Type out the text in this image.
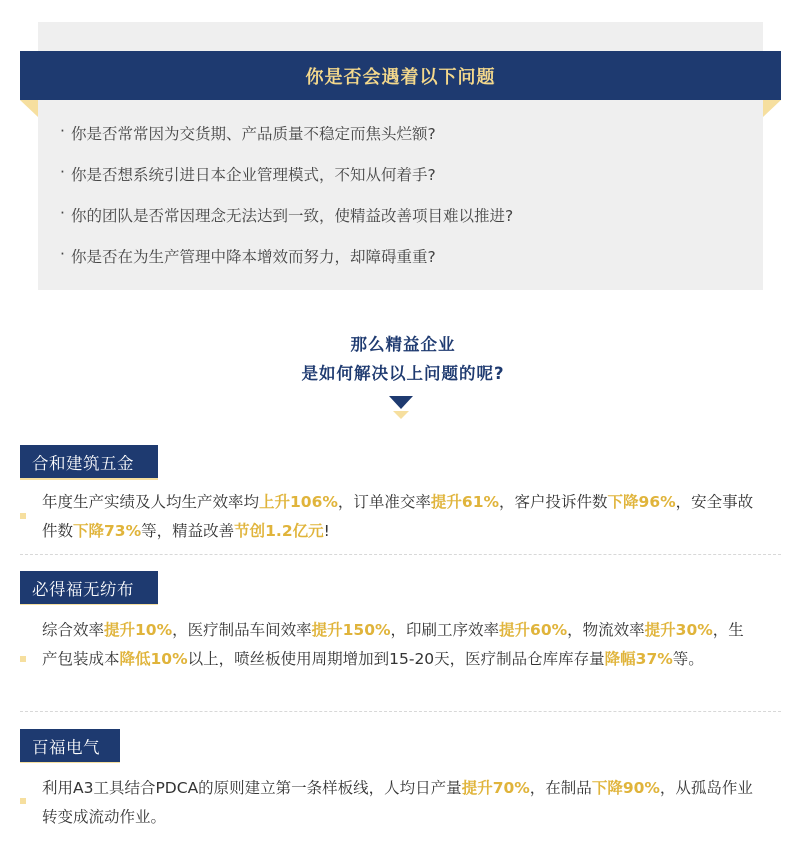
你是否会遇着以下问题
· 你是否常常因为交货期、产品质量不稳定而焦头烂额?
· 你是否想系统引进日本企业管理模式，不知从何着手?
· 你的团队是否常因理念无法达到一致，使精益改善项目难以推进?
· 你是否在为生产管理中降本增效而努力，却障碍重重?
那么精益企业
是如何解决以上问题的呢?
合和建筑五金

年度生产实绩及人均生产效率均上升106%，订单准交率提升61%，客户投诉件数下降96%，安全事故件数下降73%等，精益改善节创1.2亿元!

必得福无纺布

综合效率提升10%，医疗制品车间效率提升150%，印刷工序效率提升60%，物流效率提升30%，生产包装成本降低10%以上，喷丝板使用周期增加到15-20天，医疗制品仓库库存量降幅37%等。

百福电气

利用A3工具结合PDCA的原则建立第一条样板线，人均日产量提升70%，在制品下降90%，从孤岛作业转变成流动作业。
